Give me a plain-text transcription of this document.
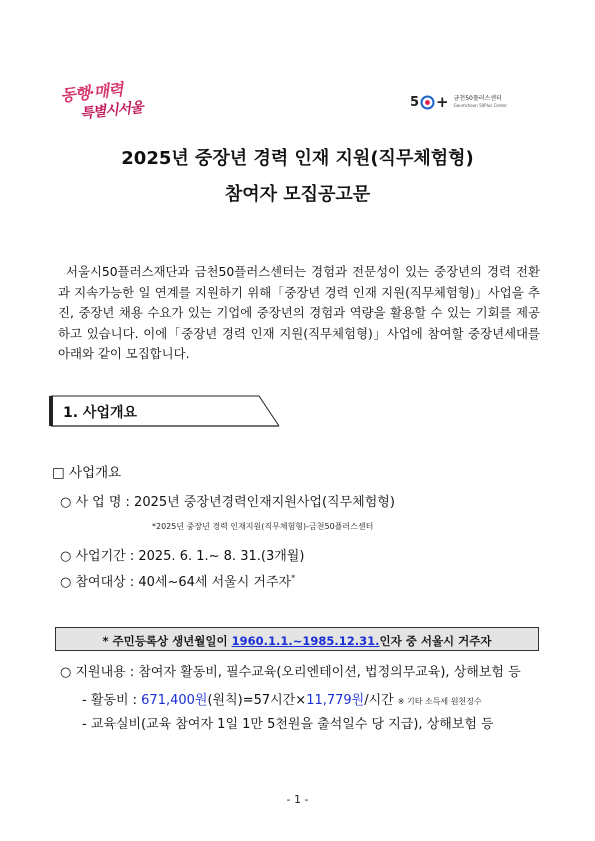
동행·매력
특별시서울	5 + 금천50플러스센터
Geumcheon 50Plus Center
2025년 중장년 경력 인재 지원(직무체험형)
참여자 모집공고문
서울시50플러스재단과 금천50플러스센터는 경험과 전문성이 있는 중장년의 경력 전환과 지속가능한 일 연계를 지원하기 위해「중장년 경력 인재 지원(직무체험형)」사업을 추진, 중장년 채용 수요가 있는 기업에 중장년의 경험과 역량을 활용할 수 있는 기회를 제공하고 있습니다. 이에「중장년 경력 인재 지원(직무체험형)」사업에 참여할 중장년세대를 아래와 같이 모집합니다.
1. 사업개요
□ 사업개요
○ 사 업 명 : 2025년 중장년경력인재지원사업(직무체험형)
*2025년 중장년 경력 인재지원(직무체험형)-금천50플러스센터
○ 사업기간 : 2025. 6. 1.~ 8. 31.(3개월)
○ 참여대상 : 40세~64세 서울시 거주자*
* 주민등록상 생년월일이 1960.1.1.~1985.12.31.인자 중 서울시 거주자
○ 지원내용 : 참여자 활동비, 필수교육(오리엔테이션, 법정의무교육), 상해보험 등
- 활동비 : 671,400원(원칙)=57시간×11,779원/시간 ※ 기타 소득세 원천징수
- 교육실비(교육 참여자 1일 1만 5천원을 출석일수 당 지급), 상해보험 등
- 1 -
